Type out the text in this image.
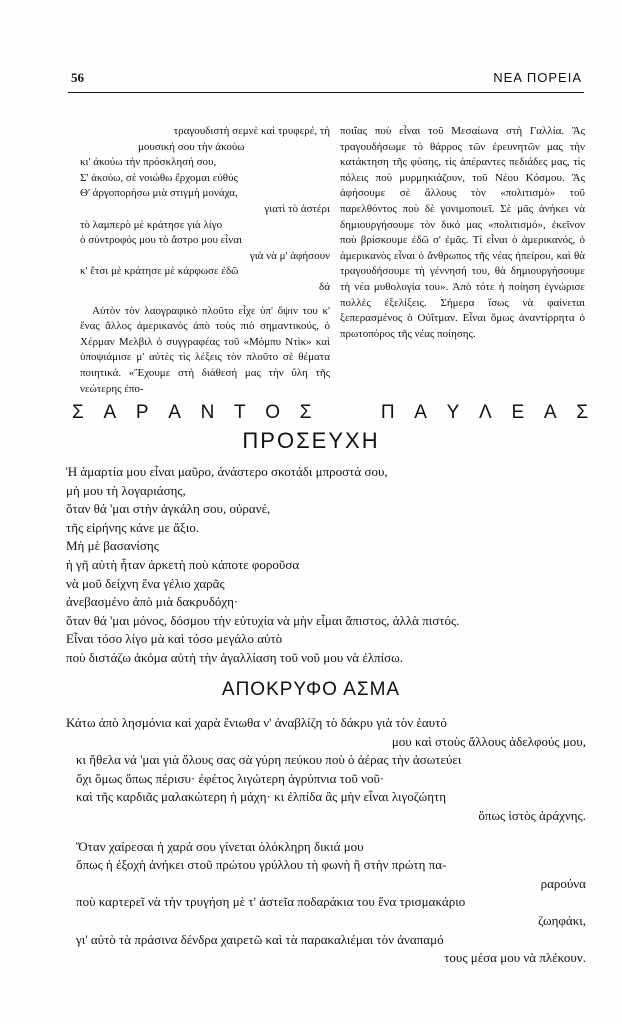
56	ΝΕΑ ΠΟΡΕΙΑ
τραγουδιστὴ σεμνὲ καὶ τρυφερέ, τὴ
μουσική σου τὴν ἀκούω
κι' ἀκούω τὴν πρόσκλησή σου,
Σ' ἀκούω, σὲ νοιώθω ἔρχομαι εὐθύς
Θ' ἀργοπορήσω μιὰ στιγμὴ μονάχα,
γιατὶ τὸ ἀστέρι
τὸ λαμπερὸ μὲ κράτησε γιὰ λίγο
ὁ σύντροφός μου τὸ ἄστρο μου εἶναι
γιὰ νὰ μ' ἀφήσουν
κ' ἔτσι μὲ κράτησε μὲ κάρφωσε ἐδῶ
δά

Αὐτὸν τὸν λαογραφικὸ πλοῦτο εἶχε ὑπ' ὄψιν του κ' ἕνας ἄλλος ἀμερικανὸς ἀπὸ τοὺς πιὸ σημαντικούς, ὁ Χέρμαν Μελβιλ ὁ συγγραφέας τοῦ «Μόμπυ Ντὶκ» καὶ ὑποψιάμισε μ' αὐτὲς τὶς λέξεις τὸν πλοῦτο σὲ θέματα ποιητικά. «Ἔχουμε στὴ διάθεσή μας τὴν ὕλη τῆς νεώτερης ἐπο-

ποιΐας ποὺ εἶναι τοῦ Μεσαίωνα στὴ Γαλλία. Ἂς τραγουδήσωμε τὸ θάρρος τῶν ἐρευνητῶν μας τὴν κατάκτηση τῆς φύσης, τὶς ἀπέραντες πεδιάδες μας, τὶς πόλεις ποὺ μυρμηκιάζουν, τοῦ Νέου Κόσμου. Ἂς ἀφήσουμε σὲ ἄλλους τὸν «πολιτισμὸ» τοῦ παρελθόντος ποὺ δὲ γονιμοποιεῖ. Σὲ μᾶς ἀνήκει νὰ δημιουργήσουμε τὸν δικό μας «πολιτισμό», ἐκεῖνον ποὺ βρίσκουμε ἐδῶ σ' ἐμᾶς. Τί εἶναι ὁ ἀμερικανός, ὁ ἀμερικανὸς εἶναι ὁ ἄνθρωπος τῆς νέας ἠπείρου, καὶ θὰ τραγουδήσουμε τὴ γέννησή του, θὰ δημιουργήσουμε τὴ νέα μυθολογία του». Ἀπὸ τότε ἡ ποίηση ἐγνώρισε πολλὲς ἐξελίξεις. Σήμερα ἴσως νὰ φαίνεται ξεπερασμένος ὁ Οὐΐτμαν. Εἶναι ὅμως ἀναντίρρητα ὁ πρωτοπόρος τῆς νέας ποίησης.

Σ Α Ρ Α Ν Τ Ο Σ	Π Α Υ Λ Ε Α Σ
ΠΡΟΣΕΥΧΗ
Ἡ ἁμαρτία μου εἶναι μαῦρο, ἀνάστερο σκοτάδι μπροστά σου,
μὴ μου τὴ λογαριάσης,
ὅταν θά 'μαι στὴν ἀγκάλη σου, οὐρανέ,
τῆς εἰρήνης κάνε με ἄξιο.
Μὴ μὲ βασανίσης
ἡ γῆ αὐτὴ ἦταν ἀρκετὴ ποὺ κάποτε φοροῦσα
νὰ μοῦ δείχνη ἕνα γέλιο χαρᾶς
ἀνεβασμένο ἀπὸ μιὰ δακρυδόχη·
ὅταν θά 'μαι μόνος, δόσμου τὴν εὐτυχία νὰ μὴν εἶμαι ἄπιστος, ἀλλὰ πιστός.
Εἶναι τόσο λίγο μὰ καὶ τόσο μεγάλο αὐτὸ
ποὺ διστάζω ἀκόμα αὐτὴ τὴν ἀγαλλίαση τοῦ νοῦ μου νὰ ἐλπίσω.
ΑΠΟΚΡΥΦΟ ΑΣΜΑ
Κάτω ἀπὸ λησμόνια καὶ χαρὰ ἔνιωθα ν' ἀναβλίζη τὸ δάκρυ γιὰ τὸν ἑαυτό
μου καὶ στοὺς ἄλλους ἀδελφούς μου,
κι ἤθελα νά 'μαι γιὰ ὅλους σας σὰ γύρη πεύκου ποὺ ὁ ἀέρας τὴν ἀσωτεύει
ὄχι ὅμως ὅπως πέρισυ· ἐφέτος λιγώτερη ἀγρύπνια τοῦ νοῦ·
καὶ τῆς καρδιᾶς μαλακώτερη ἡ μάχη· κι ἐλπίδα ἂς μὴν εἶναι λιγοζώητη
ὅπως ἱστὸς ἀράχνης.
Ὅταν χαίρεσαι ἡ χαρά σου γίνεται ὁλόκληρη δικιά μου
ὅπως ἡ ἐξοχὴ ἀνήκει στοῦ πρώτου γρύλλου τὴ φωνὴ ἢ στὴν πρώτη πα-
ραρούνα
ποὺ καρτερεῖ νὰ τὴν τρυγήση μὲ τ' ἀστεῖα ποδαράκια του ἕνα τρισμακάριο
ζωηφάκι,
γι' αὐτὸ τὰ πράσινα δένδρα χαιρετῶ καὶ τὰ παρακαλιέμαι τὸν ἀναπαμό
τους μέσα μου νὰ πλέκουν.
